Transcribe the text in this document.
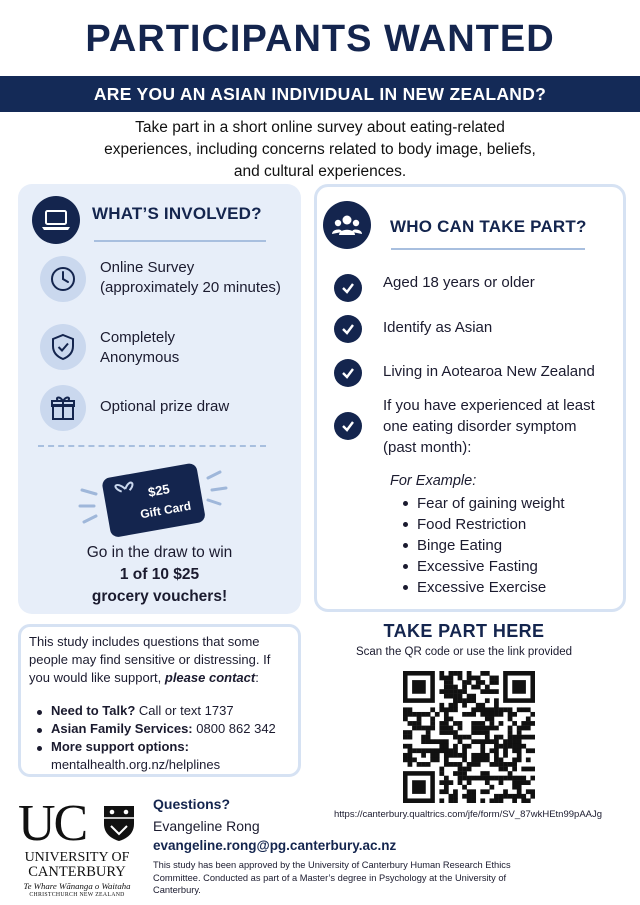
PARTICIPANTS WANTED
ARE YOU AN ASIAN INDIVIDUAL IN NEW ZEALAND?
Take part in a short online survey about eating-related
experiences, including concerns related to body image, beliefs,
and cultural experiences.
WHAT’S INVOLVED?
Online Survey
(approximately 20 minutes)
Completely
Anonymous
Optional prize draw
$25
Gift Card
Go in the draw to win
1 of 10 $25
grocery vouchers!
WHO CAN TAKE PART?
Aged 18 years or older
Identify as Asian
Living in Aotearoa New Zealand
If you have experienced at least
one eating disorder symptom
(past month):
For Example:
Fear of gaining weight
Food Restriction
Binge Eating
Excessive Fasting
Excessive Exercise
This study includes questions that some
people may find sensitive or distressing. If
you would like support, please contact:
Need to Talk? Call or text 1737
Asian Family Services: 0800 862 342
More support options:
mentalhealth.org.nz/helplines
TAKE PART HERE
Scan the QR code or use the link provided
https://canterbury.qualtrics.com/jfe/form/SV_87wkHEtn99pAAJg
UC
UNIVERSITY OF
CANTERBURY
Te Whare Wānanga o Waitaha
CHRISTCHURCH NEW ZEALAND
Questions?
Evangeline Rong
evangeline.rong@pg.canterbury.ac.nz
This study has been approved by the University of Canterbury Human Research Ethics
Committee. Conducted as part of a Master’s degree in Psychology at the University of
Canterbury.
